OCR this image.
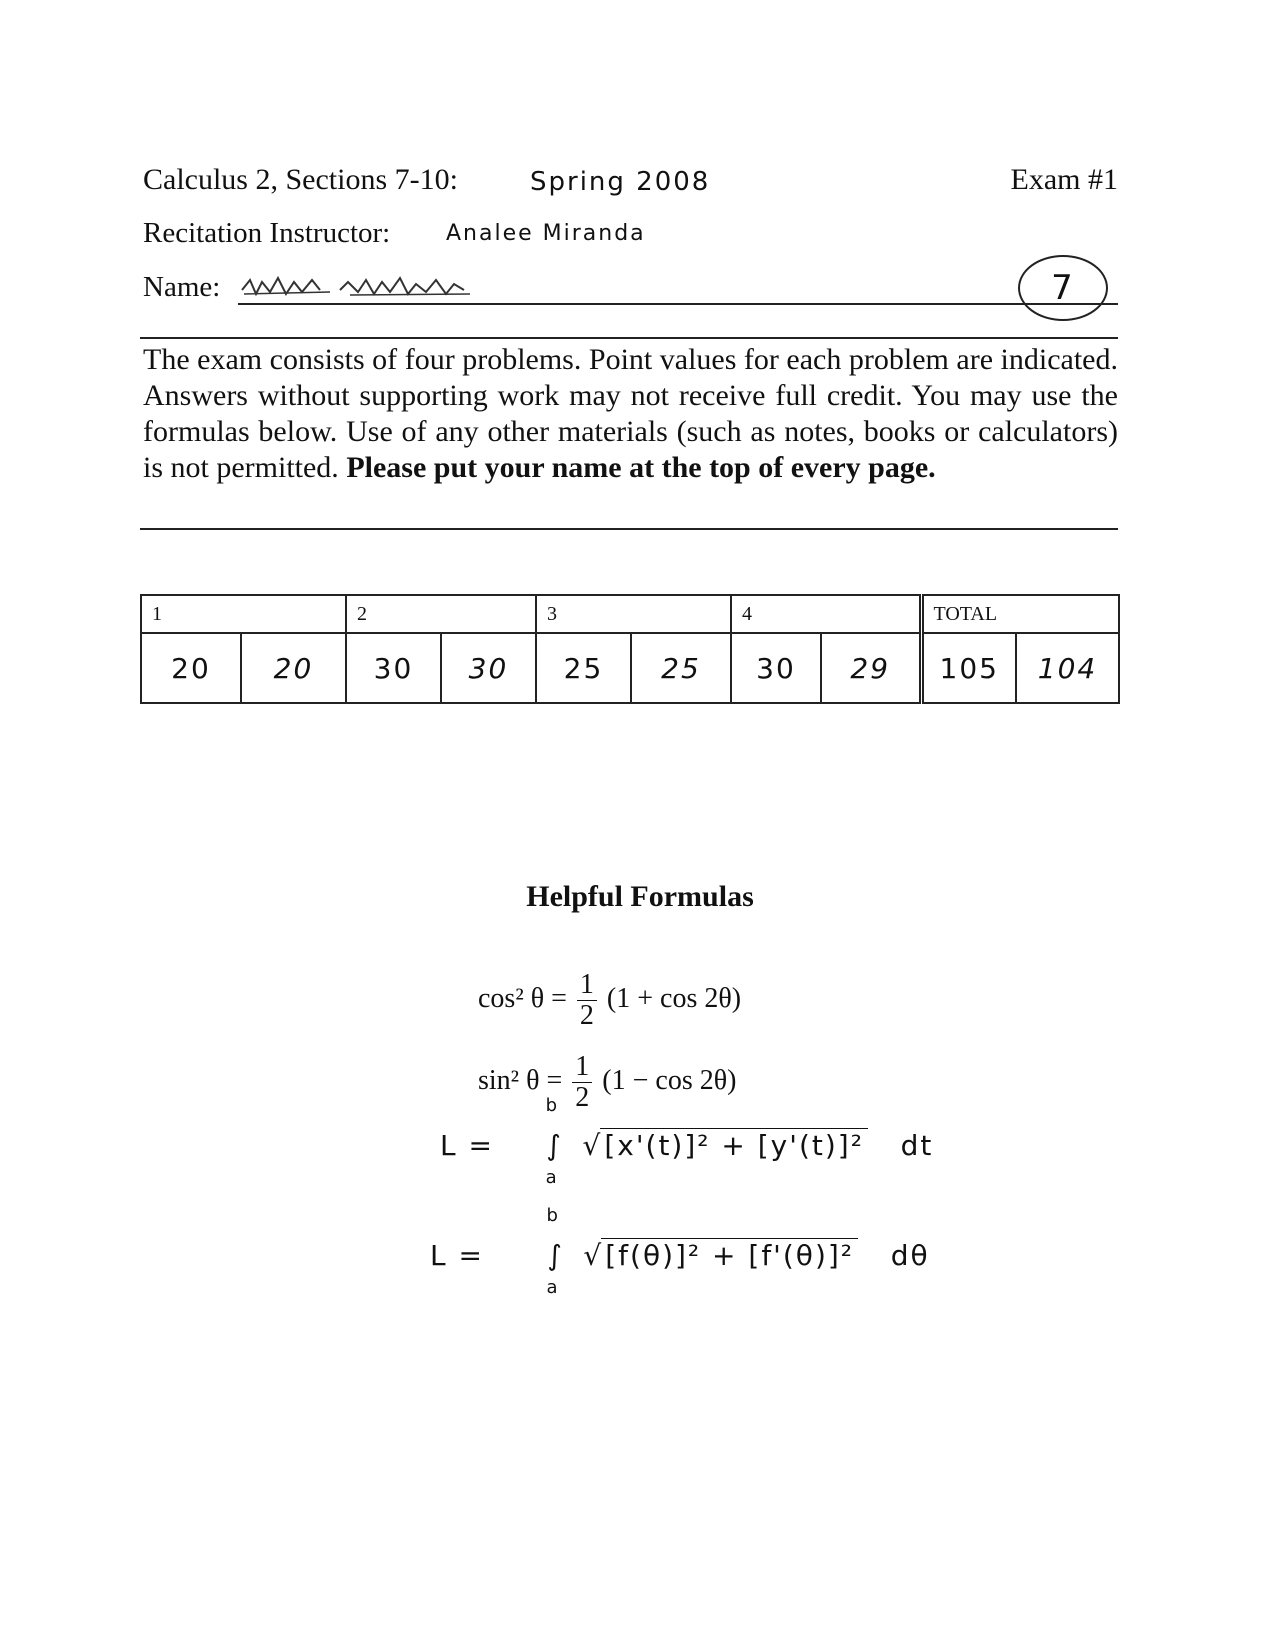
Calculus 2, Sections 7-10:	Spring 2008	Exam #1
Recitation Instructor:	Analee Miranda
Name:	7
The exam consists of four problems. Point values for each problem are indicated. Answers without supporting work may not receive full credit. You may use the formulas below. Use of any other materials (such as notes, books or calculators) is not permitted. Please put your name at the top of every page.
1		2		3		4		TOTAL	
20	20	30	30	25	25	30	29	105	104
Helpful Formulas
cos² $\theta = \frac{1}{2} (1 + \cos 2\theta)$
sin² $\theta = \frac{1}{2} (1 - \cos 2\theta)$
L = ∫
b
a
√[x'(t)]² + [y'(t)]² dt
L = ∫
b
a
√[f(θ)]² + [f'(θ)]² dθ
